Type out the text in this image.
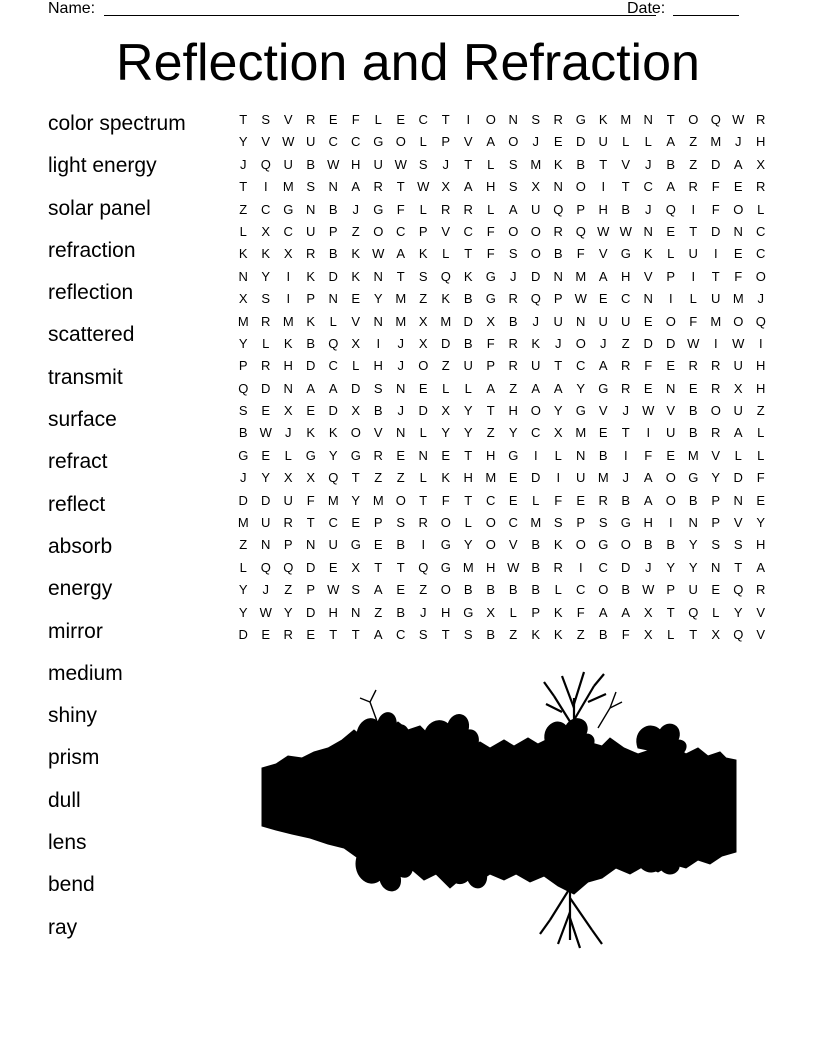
Name:	Date:
Reflection and Refraction
color spectrum
light energy
solar panel
refraction
reflection
scattered
transmit
surface
refract
reflect
absorb
energy
mirror
medium
shiny
prism
dull
lens
bend
ray
T	S	V	R	E	F	L	E	C	T	I	O N	S	R G	K M N	T	O Q W R
Y	V W U	C	C G O	L	P	V	A	O	J	E	D	U	L	L	A	Z	M	J	H
J	Q U	B W H	U W S	J	T	L	S M K	B	T	V	J	B	Z	D	A	X
T	I	M S	N	A	R	T W X	A	H	S	X	N O	I	T	C	A	R	F	E	R
Z	C G N	B	J	G	F	L	R	R	L	A	U Q	P	H	B	J	Q	I	F	O	L
L	X	C	U	P	Z	O C	P	V	C	F	O O R Q W W N	E	T	D	N	C
K	K	X	R	B	K W A	K	L	T	F	S	O	B	F	V	G	K	L	U	I	E	C
N	Y	I	K	D	K	N	T	S	Q	K	G	J	D	N M A	H	V	P	I	T	F	O
X	S	I	P	N	E	Y M	Z	K	B	G R Q	P W E	C	N	I	L	U M	J
M R M K	L	V	N M X M D	X	B	J	U	N	U	U	E	O	F	M O Q
Y	L	K	B	Q	X	I	J	X	D	B	F	R	K	J	O	J	Z	D	D W	I	W	I
P	R	H	D	C	L	H	J	O	Z	U	P	R	U	T	C	A	R	F	E	R	R	U	H
Q D	N	A	A	D	S	N	E	L	L	A	Z	A	A	Y	G R	E	N	E	R	X	H
S	E	X	E	D	X	B	J	D	X	Y	T	H O	Y	G	V	J	W V	B	O U	Z
B W	J	K	K	O	V	N	L	Y	Y	Z	Y	C	X M E	T	I	U	B	R	A	L
G	E	L	G	Y	G R	E	N	E	T	H G	I	L	N	B	I	F	E M V	L	L
J	Y	X	X	Q	T	Z	Z	L	K	H M E	D	I	U M	J	A	O G	Y	D	F
D	D	U	F	M Y M O	T	F	T	C	E	L	F	E	R	B	A	O	B	P	N	E
M U	R	T	C	E	P	S	R O	L	O C M S	P	S	G H	I	N	P	V	Y
Z	N	P	N	U G	E	B	I	G	Y	O	V	B	K	O G O	B	B	Y	S	S	H
L	Q Q D	E	X	T	T	Q G M H W B	R	I	C	D	J	Y	Y	N	T	A
Y	J	Z	P W S	A	E	Z	O	B	B	B	B	L	C O	B W P	U	E	Q R
Y W Y	D	H	N	Z	B	J	H G	X	L	P	K	F	A	A	X	T	Q	L	Y	V
D	E	R	E	T	T	A	C	S	T	S	B	Z	K	K	Z	B	F	X	L	T	X	Q	V
